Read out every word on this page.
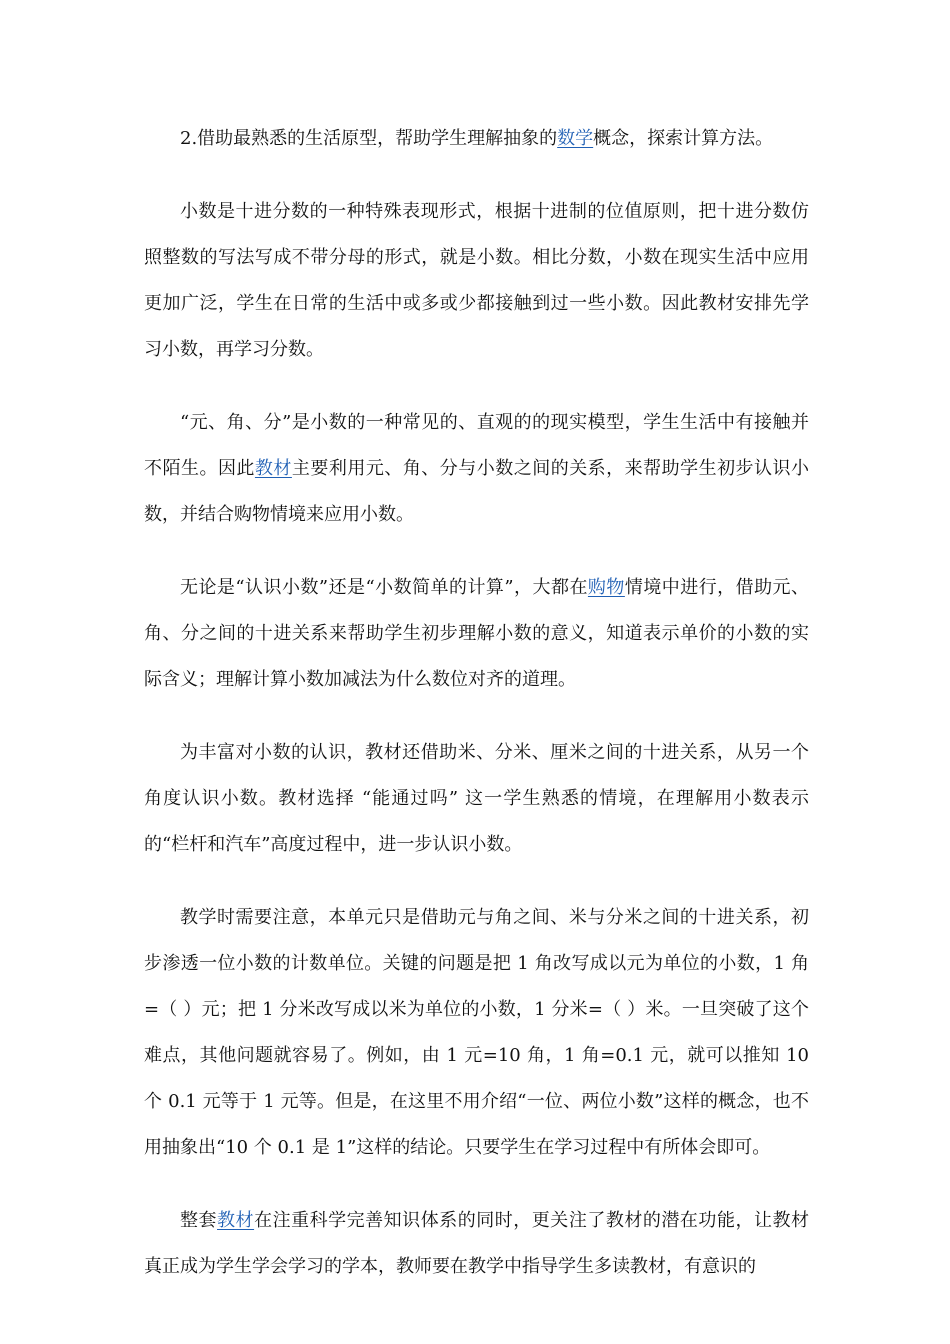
2.借助最熟悉的生活原型，帮助学生理解抽象的数学概念，探索计算方法。

小数是十进分数的一种特殊表现形式，根据十进制的位值原则，把十进分数仿照整数的写法写成不带分母的形式，就是小数。相比分数，小数在现实生活中应用更加广泛，学生在日常的生活中或多或少都接触到过一些小数。因此教材安排先学习小数，再学习分数。

“元、角、分”是小数的一种常见的、直观的的现实模型，学生生活中有接触并不陌生。因此教材主要利用元、角、分与小数之间的关系，来帮助学生初步认识小数，并结合购物情境来应用小数。

无论是“认识小数”还是“小数简单的计算”，大都在购物情境中进行，借助元、角、分之间的十进关系来帮助学生初步理解小数的意义，知道表示单价的小数的实际含义；理解计算小数加减法为什么数位对齐的道理。

为丰富对小数的认识，教材还借助米、分米、厘米之间的十进关系，从另一个角度认识小数。教材选择 “能通过吗” 这一学生熟悉的情境，在理解用小数表示的“栏杆和汽车”高度过程中，进一步认识小数。

教学时需要注意，本单元只是借助元与角之间、米与分米之间的十进关系，初步渗透一位小数的计数单位。关键的问题是把 1 角改写成以元为单位的小数，1 角=（ ）元；把 1 分米改写成以米为单位的小数，1 分米=（ ）米。一旦突破了这个难点，其他问题就容易了。例如，由 1 元=10 角，1 角=0.1 元，就可以推知 10 个 0.1 元等于 1 元等。但是，在这里不用介绍“一位、两位小数”这样的概念，也不用抽象出“10 个 0.1 是 1”这样的结论。只要学生在学习过程中有所体会即可。

整套教材在注重科学完善知识体系的同时，更关注了教材的潜在功能，让教材真正成为学生学会学习的学本，教师要在教学中指导学生多读教材，有意识的
